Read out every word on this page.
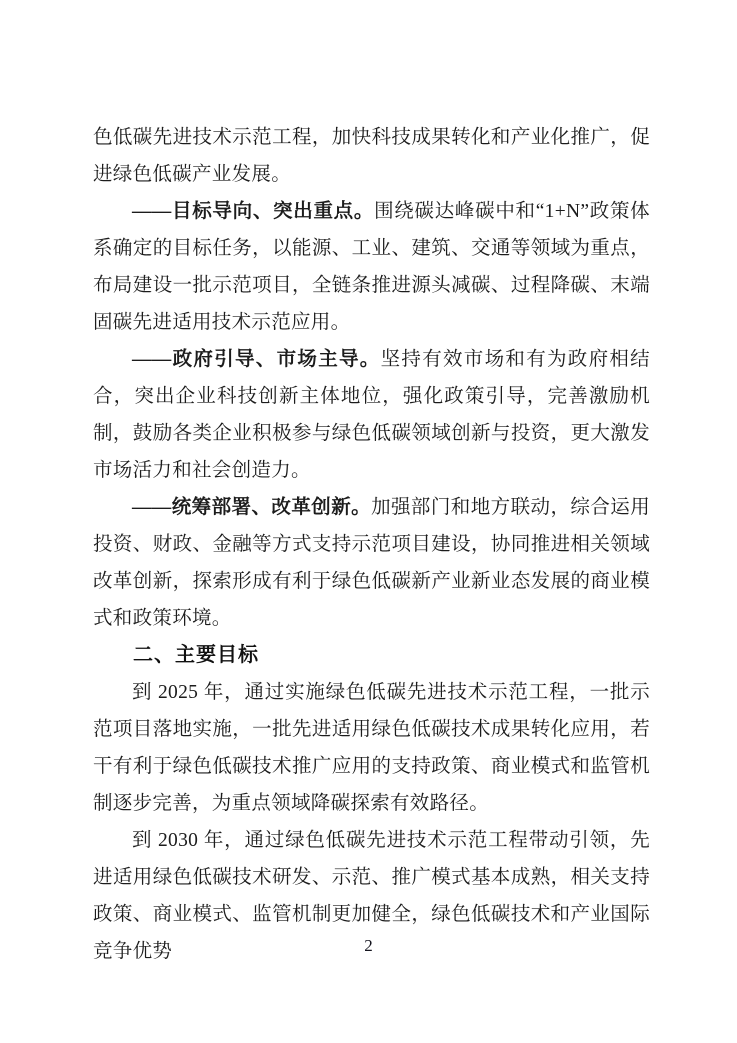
色低碳先进技术示范工程，加快科技成果转化和产业化推广，促进绿色低碳产业发展。

——目标导向、突出重点。围绕碳达峰碳中和“1+N”政策体系确定的目标任务，以能源、工业、建筑、交通等领域为重点，布局建设一批示范项目，全链条推进源头减碳、过程降碳、末端固碳先进适用技术示范应用。

——政府引导、市场主导。坚持有效市场和有为政府相结合，突出企业科技创新主体地位，强化政策引导，完善激励机制，鼓励各类企业积极参与绿色低碳领域创新与投资，更大激发市场活力和社会创造力。

——统筹部署、改革创新。加强部门和地方联动，综合运用投资、财政、金融等方式支持示范项目建设，协同推进相关领域改革创新，探索形成有利于绿色低碳新产业新业态发展的商业模式和政策环境。

二、主要目标

到 2025 年，通过实施绿色低碳先进技术示范工程，一批示范项目落地实施，一批先进适用绿色低碳技术成果转化应用，若干有利于绿色低碳技术推广应用的支持政策、商业模式和监管机制逐步完善，为重点领域降碳探索有效路径。

到 2030 年，通过绿色低碳先进技术示范工程带动引领，先进适用绿色低碳技术研发、示范、推广模式基本成熟，相关支持政策、商业模式、监管机制更加健全，绿色低碳技术和产业国际竞争优势	2
